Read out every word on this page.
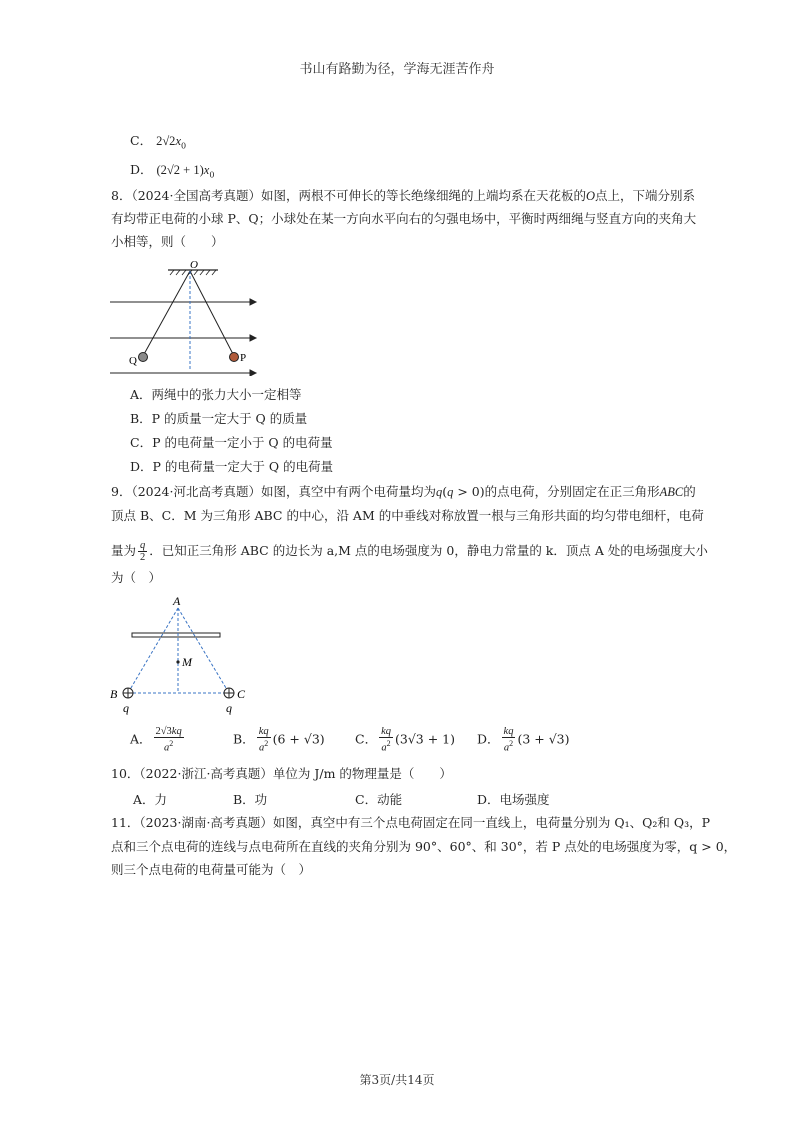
书山有路勤为径，学海无涯苦作舟
C． $2√2x_0$
D． $(2√2 + 1)x_0$
8．（2024·全国高考真题）如图，两根不可伸长的等长绝缘细绳的上端均系在天花板的O点上，下端分别系
有均带正电荷的小球 P、Q；小球处在某一方向水平向右的匀强电场中，平衡时两细绳与竖直方向的夹角大
小相等，则（　　）
O
Q	P
A．两绳中的张力大小一定相等
B．P 的质量一定大于 Q 的质量
C．P 的电荷量一定小于 Q 的电荷量
D．P 的电荷量一定大于 Q 的电荷量
9．（2024·河北高考真题）如图，真空中有两个电荷量均为q(q > 0)的点电荷，分别固定在正三角形ABC的
顶点 B、C．M 为三角形 ABC 的中心，沿 AM 的中垂线对称放置一根与三角形共面的均匀带电细杆，电荷
量为 $\frac{q}{2}$ ．已知正三角形 ABC 的边长为 a,M 点的电场强度为 0，静电力常量的 k．顶点 A 处的电场强度大小
为（　）
A
M
B	C
q	q
A． $\frac{2√3kq}{a^2}$	B． $\frac{kq}{a^2} (6 + √3)$ C． $\frac{kq}{a^2} (3√3 + 1)$ D． $\frac{kq}{a^2} (3 + √3)$
10．（2022·浙江·高考真题）单位为 J/m 的物理量是（　　）
A．力	B．功	C．动能	D．电场强度
11．（2023·湖南·高考真题）如图，真空中有三个点电荷固定在同一直线上，电荷量分别为 Q₁、Q₂和 Q₃，P
点和三个点电荷的连线与点电荷所在直线的夹角分别为 90°、60°、和 30°，若 P 点处的电场强度为零，q > 0，
则三个点电荷的电荷量可能为（　）
第3页/共14页
